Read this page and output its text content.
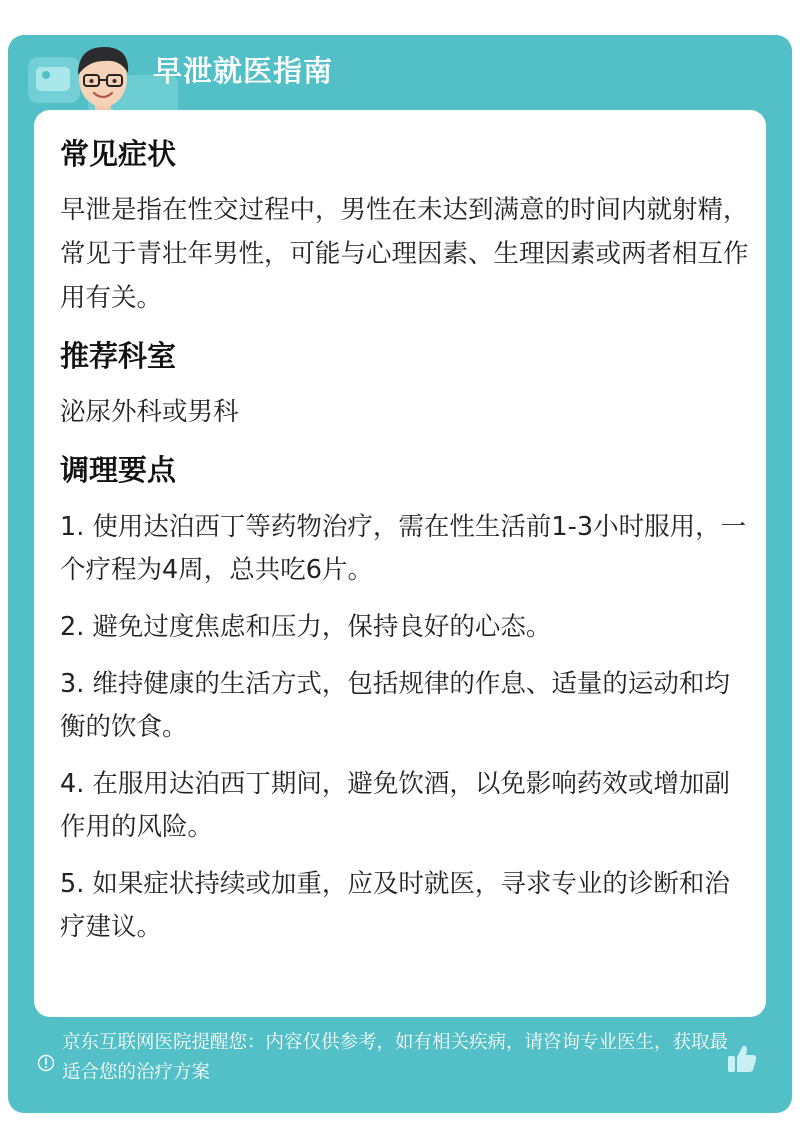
早泄就医指南
常见症状

早泄是指在性交过程中，男性在未达到满意的时间内就射精，常见于青壮年男性，可能与心理因素、生理因素或两者相互作用有关。

推荐科室

泌尿外科或男科

调理要点

1. 使用达泊西丁等药物治疗，需在性生活前1-3小时服用，一个疗程为4周，总共吃6片。

2. 避免过度焦虑和压力，保持良好的心态。

3. 维持健康的生活方式，包括规律的作息、适量的运动和均衡的饮食。

4. 在服用达泊西丁期间，避免饮酒，以免影响药效或增加副作用的风险。

5. 如果症状持续或加重，应及时就医，寻求专业的诊断和治疗建议。

京东互联网医院提醒您：内容仅供参考，如有相关疾病，请咨询专业医生，获取最适合您的治疗方案
